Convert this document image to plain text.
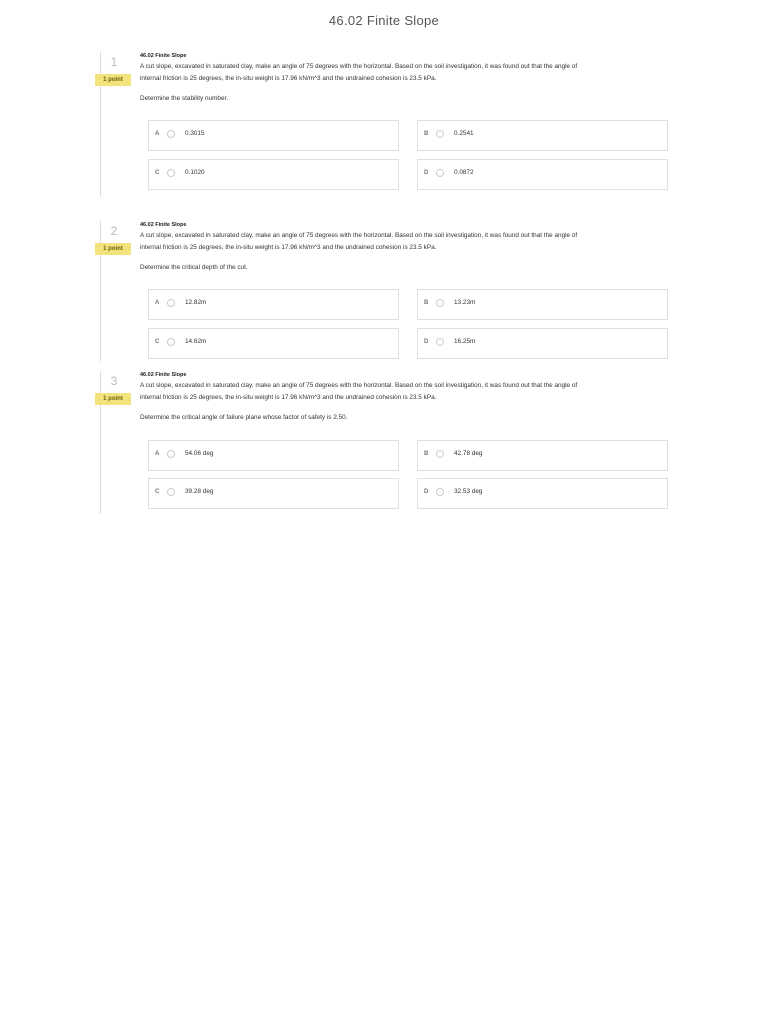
46.02 Finite Slope
1
1 point
46.02 Finite Slope
A cut slope, excavated in saturated clay, make an angle of 75 degrees with the horizontal. Based on the soil investigation, it was found out that the angle of
internal friction is 25 degrees, the in-situ weight is 17.96 kN/m^3 and the undrained cohesion is 23.5 kPa.
Determine the stability number.
A	0.3015	B	0.2541
C	0.1020	D	0.0872
2
1 point
46.02 Finite Slope
A cut slope, excavated in saturated clay, make an angle of 75 degrees with the horizontal. Based on the soil investigation, it was found out that the angle of
internal friction is 25 degrees, the in-situ weight is 17.96 kN/m^3 and the undrained cohesion is 23.5 kPa.
Determine the critical depth of the cut.
A	12.82m	B	13.23m
C	14.62m	D	16.25m
3
1 point
46.02 Finite Slope
A cut slope, excavated in saturated clay, make an angle of 75 degrees with the horizontal. Based on the soil investigation, it was found out that the angle of
internal friction is 25 degrees, the in-situ weight is 17.96 kN/m^3 and the undrained cohesion is 23.5 kPa.
Determine the critical angle of failure plane whose factor of safety is 2.50.
A	54.06 deg	B	42.78 deg
C	39.28 deg	D	32.53 deg
